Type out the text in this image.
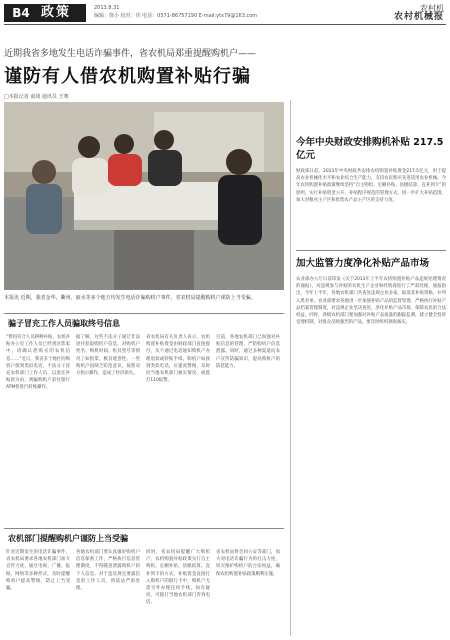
B4 政策	2013.8.31
编辑：徐小 校对：伟 电话：0571-86757190 E-mail:ytx79@163.com
农村机
农村机械报
近期我省多地发生电话诈骗事件，省农机局郑重提醒购机户——
谨防有人借农机购置补贴行骗
□本报记者 俞琦 通讯员 王骞
本报讯 近期，我省金华、衢州、丽水等多个地方均发生电话诈骗购机户事件，省农机局提醒购机户谨防上当受骗。
骗子冒充工作人员骗取终号信息
“赞再符合人员耕种补贴，农机补贴办公室工作人员已经到达您家中，请确认您购买的农机信息……”近日，我省多个地区的购机户接到类似电话。不法分子冒充农机部门工作人员，以退还补贴款为由，诱骗购机户前往银行ATM机进行转账操作。
据了解，这些不法分子通过非法途径获取购机户信息，对购机户姓名、购机时间、机具型号等情况了如指掌，极具迷惑性。一些购机户因缺乏防范意识，按照对方指示操作，造成了经济损失。
省农机局有关负责人表示，农机购置补贴资金由财政部门直接拨付，从不通过电话通知购机户办理退款或转账手续。购机户如接到类似电话，应提高警惕，及时向当地农机部门核实情况，或拨打110报警。
目前，各地农机部门已加强对补贴信息的管理，严防购机户信息泄露。同时，通过多种渠道向农户宣传防骗知识，提高购机户的防范能力。
农机部门提醒购机户谨防上当受骗
针对近期发生的电话诈骗事件，省农机局要求各地农机部门加大宣传力度，通过电视、广播、报纸、网络等多种形式，及时提醒购机户提高警惕，防止上当受骗。
各地农机部门要认真做好购机户信息保密工作，严格执行信息管理制度，不得随意泄露购机户的个人信息。对于违反规定泄露信息的工作人员，将依法严肃处理。
同时，省农机局提醒广大购机户，农机购置补贴政策实行自主购机、定额补贴、县级结算、直补到卡的方式，补贴资金直接打入购机户的银行卡中，购机户无需另外办理任何手续。如有疑问，可拨打当地农机部门咨询电话。
省农机局将会同公安等部门，加大对电话诈骗行为的打击力度，切实维护购机户的合法权益，确保农机购置补贴政策顺利实施。
今年中央财政安排购机补贴 217.5 亿元
财政部日前，2013年中央财政共安排农机购置补贴资金217.5亿元，用于提高农业机械化水平和农业综合生产能力，支持农民购买先进适用农业机械。今年农机购置补贴政策继续坚持“自主购机、定额补贴、县级结算、直补到卡”的原则，实行补贴资金公开、补贴程序规范的管理方式，进一步扩大补贴范围，加大对粮食主产区和优势农产品主产区的支持力度。
加大监管力度净化补贴产品市场
农业部办公厅日前印发《关于2013年上半年农机购置补贴产品违规处理情况的通报》，对违规参与补贴的农机生产企业和经销商进行了严肃处理。通报指出，今年上半年，各地农机部门共查处违规企业多家，取消其补贴资格，并列入黑名单。农业部要求各地进一步加强补贴产品的监督管理，严格执行补贴产品档案管理制度，对违规企业坚决查处，净化补贴产品市场，保障农民的合法权益。同时，各级农机部门要加强对补贴产品质量的跟踪监测，建立健全投诉受理机制，对群众反映强烈的产品，要及时组织调查核实。
